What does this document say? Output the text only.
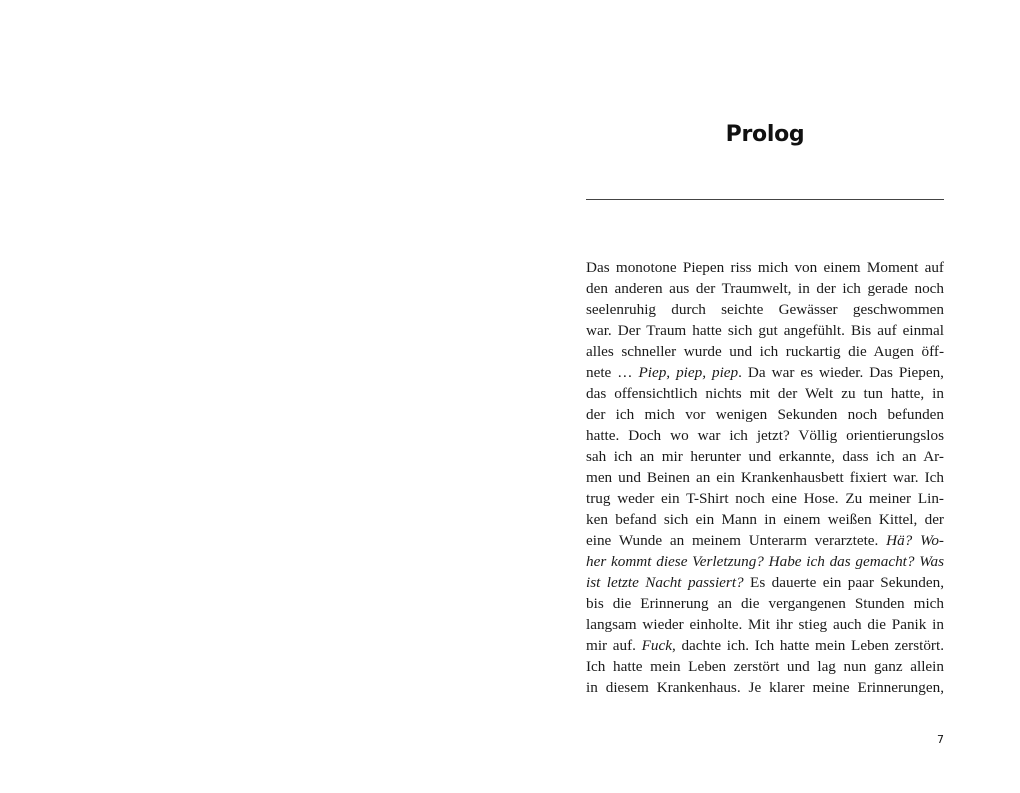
Prolog
Das monotone Piepen riss mich von einem Moment auf
den anderen aus der Traumwelt, in der ich gerade noch
seelenruhig durch seichte Gewässer geschwommen
war. Der Traum hatte sich gut angefühlt. Bis auf einmal
alles schneller wurde und ich ruckartig die Augen öff-
nete … Piep, piep, piep. Da war es wieder. Das Piepen,
das offensichtlich nichts mit der Welt zu tun hatte, in
der ich mich vor wenigen Sekunden noch befunden
hatte. Doch wo war ich jetzt? Völlig orientierungslos
sah ich an mir herunter und erkannte, dass ich an Ar-
men und Beinen an ein Krankenhausbett fixiert war. Ich
trug weder ein T-Shirt noch eine Hose. Zu meiner Lin-
ken befand sich ein Mann in einem weißen Kittel, der
eine Wunde an meinem Unterarm verarztete. Hä? Wo-
her kommt diese Verletzung? Habe ich das gemacht? Was
ist letzte Nacht passiert? Es dauerte ein paar Sekunden,
bis die Erinnerung an die vergangenen Stunden mich
langsam wieder einholte. Mit ihr stieg auch die Panik in
mir auf. Fuck, dachte ich. Ich hatte mein Leben zerstört.
Ich hatte mein Leben zerstört und lag nun ganz allein
in diesem Krankenhaus. Je klarer meine Erinnerungen,
7
